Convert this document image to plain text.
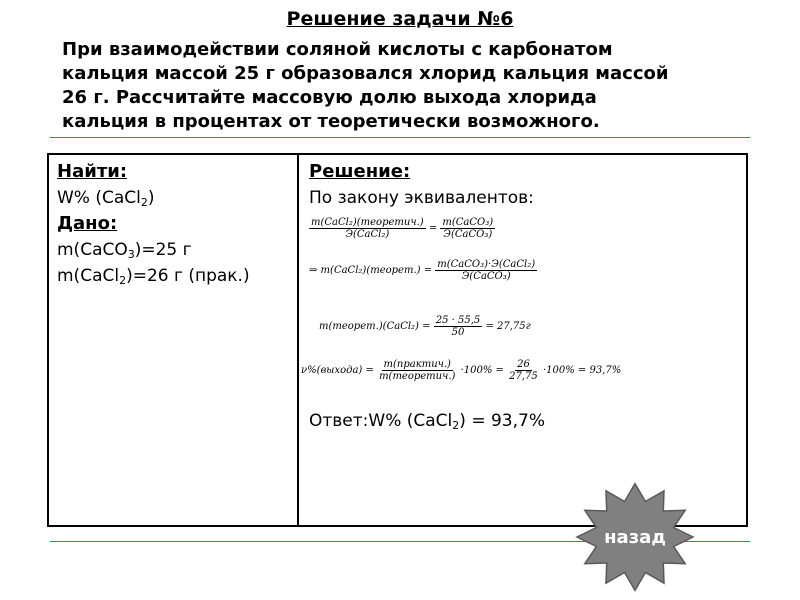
Решение задачи №6
При взаимодействии соляной кислоты с карбонатом
кальция массой 25 г образовался хлорид кальция массой
26 г. Рассчитайте массовую долю выхода хлорида
кальция в процентах от теоретически возможного.
Найти:
W% (CaCl$_2$)
Дано:
m(CaCO$_3$)=25 г
m(CaCl$_2$)=26 г (прак.)
Решение:
По закону эквивалентов:
$\frac{\text{m(CaCl₂)(теоретич.)}}{\text{Э(CaCl₂)}} = \frac{\text{m(CaCO₃)}}{\text{Э(CaCO₃)}}$
⇒ m(CaCl₂)(теорет.) = $\frac{\text{m(CaCO₃)·Э(CaCl₂)}}{\text{Э(CaCO₃)}}$
m(теорет.)(CaCl₂) = $\frac{25 \cdot 55,5}{50} = 27,75г$
ν%(выхода) = $\frac{\text{m(практич.)}}{\text{m(теоретич.)}} \cdot 100\% = \frac{26}{27,75} \cdot 100\% = 93,7\%$
Ответ:W% (CaCl$_2$) = 93,7%
назад
